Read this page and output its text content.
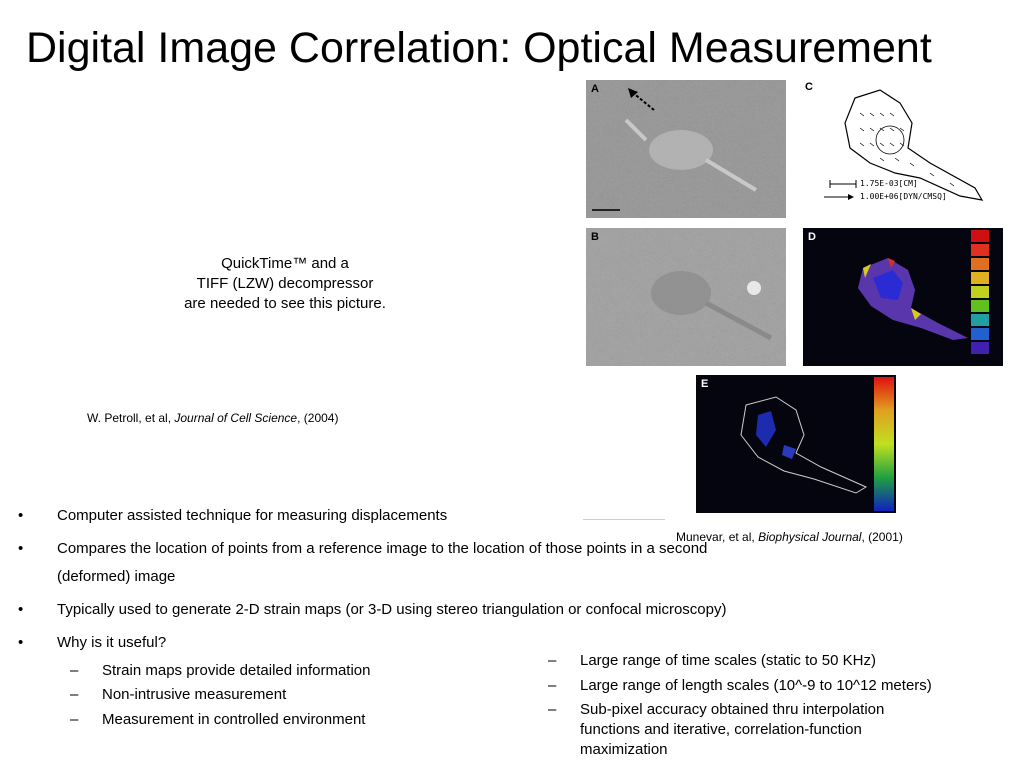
Digital Image Correlation: Optical Measurement
QuickTime™ and a
TIFF (LZW) decompressor
are needed to see this picture.
W. Petroll, et al, Journal of Cell Science, (2004)
A
B
C
1.75E-03[CM]
1.00E+06[DYN/CMSQ]
D
E
Munevar, et al, Biophysical Journal, (2001)
• Computer assisted technique for measuring displacements
• Compares the location of points from a reference image to the location of those points in a second
(deformed) image
• Typically used to generate 2-D strain maps (or 3-D using stereo triangulation or confocal microscopy)
• Why is it useful?
– Strain maps provide detailed information
– Non-intrusive measurement
– Measurement in controlled environment
– Large range of time scales (static to 50 KHz)
– Large range of length scales (10^-9 to 10^12 meters)
– Sub-pixel accuracy obtained thru interpolation functions and iterative, correlation-function maximization
